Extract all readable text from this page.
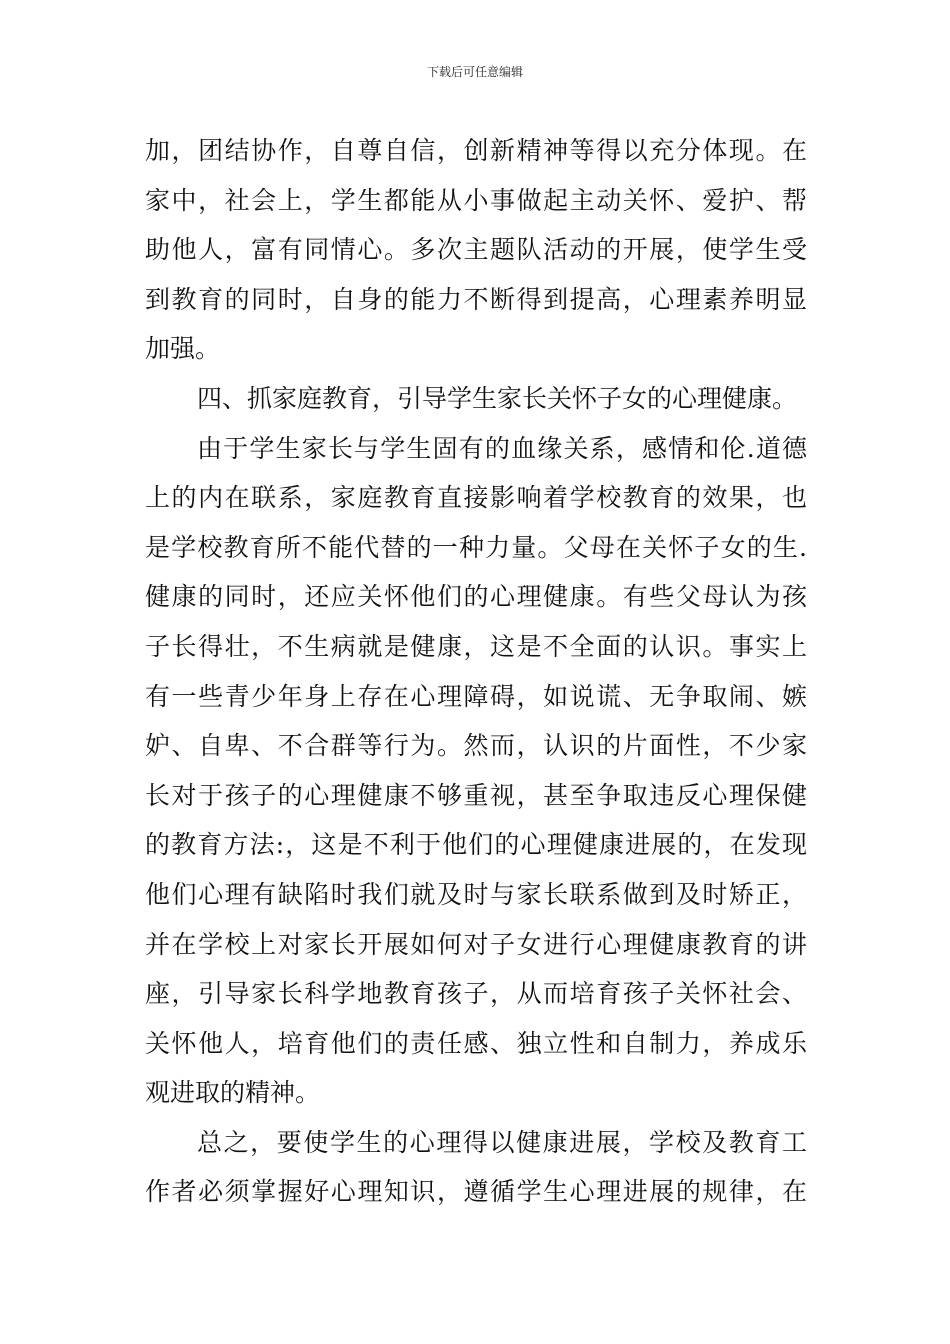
下载后可任意编辑
加，团结协作，自尊自信，创新精神等得以充分体现。在
家中，社会上，学生都能从小事做起主动关怀、爱护、帮
助他人，富有同情心。多次主题队活动的开展，使学生受
到教育的同时，自身的能力不断得到提高，心理素养明显
加强。
四、抓家庭教育，引导学生家长关怀子女的心理健康。
由于学生家长与学生固有的血缘关系，感情和伦.道德
上的内在联系，家庭教育直接影响着学校教育的效果，也
是学校教育所不能代替的一种力量。父母在关怀子女的生.
健康的同时，还应关怀他们的心理健康。有些父母认为孩
子长得壮，不生病就是健康，这是不全面的认识。事实上
有一些青少年身上存在心理障碍，如说谎、无争取闹、嫉
妒、自卑、不合群等行为。然而，认识的片面性，不少家
长对于孩子的心理健康不够重视，甚至争取违反心理保健
的教育方法:，这是不利于他们的心理健康进展的，在发现
他们心理有缺陷时我们就及时与家长联系做到及时矫正，
并在学校上对家长开展如何对子女进行心理健康教育的讲
座，引导家长科学地教育孩子，从而培育孩子关怀社会、
关怀他人，培育他们的责任感、独立性和自制力，养成乐
观进取的精神。
总之，要使学生的心理得以健康进展，学校及教育工
作者必须掌握好心理知识，遵循学生心理进展的规律，在
